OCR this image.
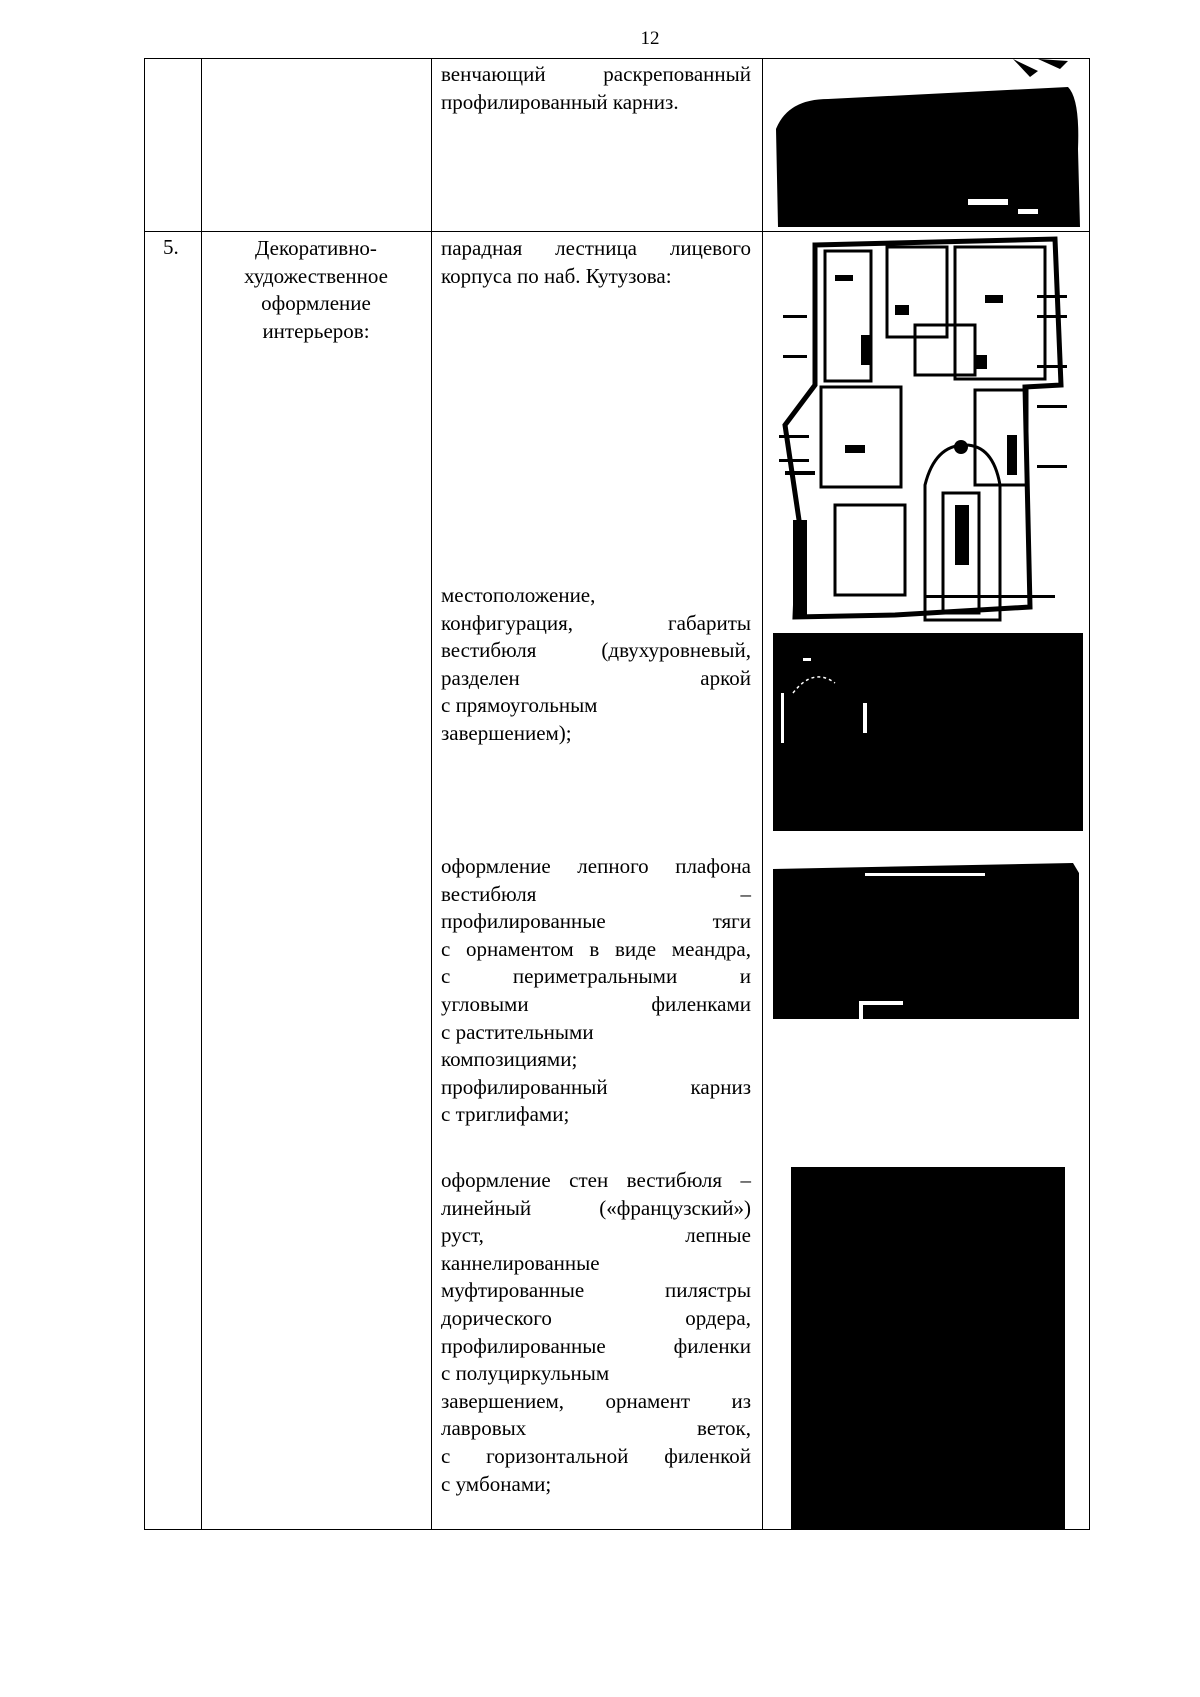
12
венчающий раскрепованный
профилированный карниз.
5.	Декоративно-
художественное
оформление
интерьеров:
парадная лестница лицевого
корпуса по наб. Кутузова:
местоположение,
конфигурация, габариты
вестибюля (двухуровневый,
разделен аркой
с прямоугольным
завершением);
оформление лепного плафона
вестибюля –
профилированные тяги
с орнаментом в виде меандра,
с периметральными и
угловыми филенками
с растительными
композициями;
профилированный карниз
с триглифами;
оформление стен вестибюля –
линейный («французский»)
руст, лепные
каннелированные
муфтированные пилястры
дорического ордера,
профилированные филенки
с полуциркульным
завершением, орнамент из
лавровых веток,
с горизонтальной филенкой
с умбонами;
